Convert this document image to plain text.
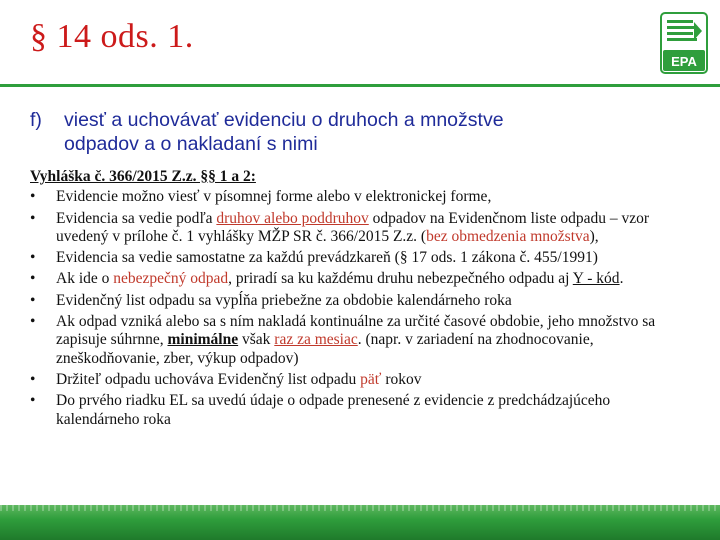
§ 14 ods. 1.
EPA
f) viesť a uchovávať evidenciu o druhoch a množstve
odpadov a o nakladaní s nimi
Vyhláška č. 366/2015 Z.z. §§ 1 a 2:
• Evidencie možno viesť v písomnej forme alebo v elektronickej forme,
• Evidencia sa vedie podľa druhov alebo poddruhov odpadov na Evidenčnom liste odpadu – vzor uvedený v prílohe č. 1 vyhlášky MŽP SR č. 366/2015 Z.z. (bez obmedzenia množstva),
• Evidencia sa vedie samostatne za každú prevádzkareň (§ 17 ods. 1 zákona č. 455/1991)
• Ak ide o nebezpečný odpad, priradí sa ku každému druhu nebezpečného odpadu aj Y - kód.
• Evidenčný list odpadu sa vypĺňa priebežne za obdobie kalendárneho roka
• Ak odpad vzniká alebo sa s ním nakladá kontinuálne za určité časové obdobie, jeho množstvo sa zapisuje súhrnne, minimálne však raz za mesiac. (napr. v zariadení na zhodnocovanie, zneškodňovanie, zber, výkup odpadov)
• Držiteľ odpadu uchováva Evidenčný list odpadu päť rokov
• Do prvého riadku EL sa uvedú údaje o odpade prenesené z evidencie z predchádzajúceho kalendárneho roka
